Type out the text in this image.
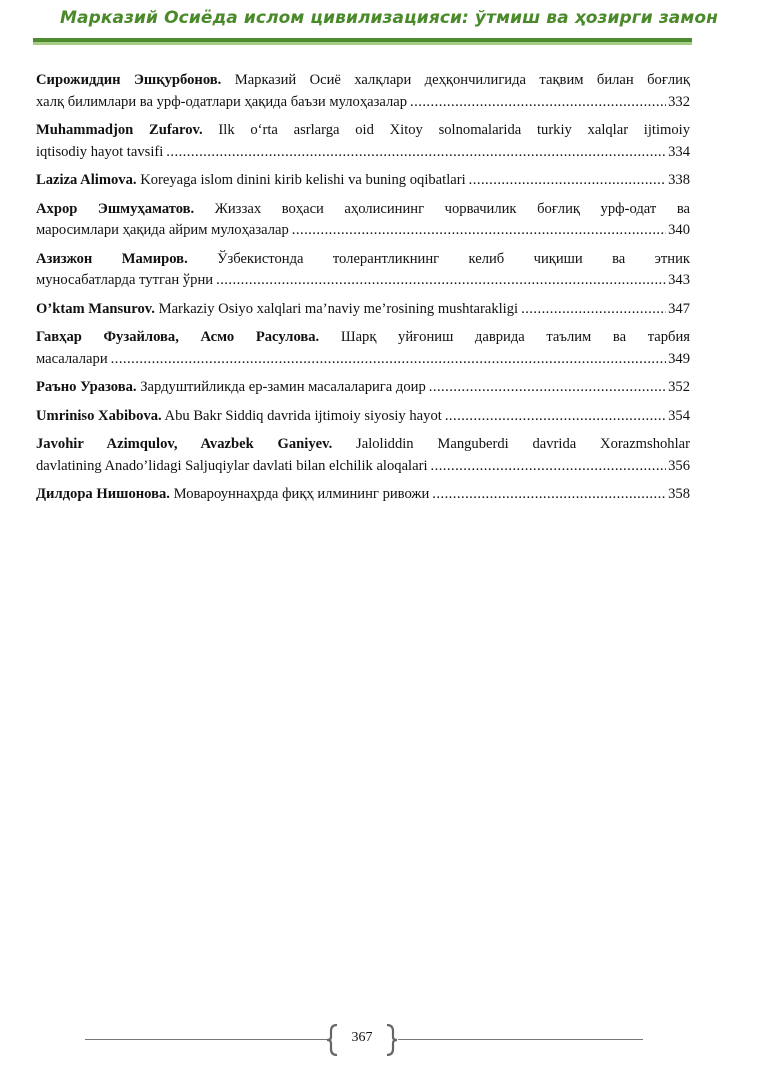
Марказий Осиёда ислом цивилизацияси: ўтмиш ва ҳозирги замон
Сирожиддин Эшқурбонов. Марказий Осиё халқлари деҳқончилигида тақвим билан боғлиқ
халқ билимлари ва урф-одатлари ҳақида баъзи мулоҳазалар . . .	332
Muhammadjon Zufarov. Ilk o‘rta asrlarga oid Xitoy solnomalarida turkiy xalqlar ijtimoiy
iqtisodiy hayot tavsifi . . .	334
Laziza Alimova. Koreyaga islom dinini kirib kelishi va buning oqibatlari . . .	338
Ахрор Эшмуҳаматов. Жиззах воҳаси аҳолисининг чорвачилик боғлиқ урф-одат ва
маросимлари ҳақида айрим мулоҳазалар . . .	340
Азизжон Мамиров. Ўзбекистонда толерантликнинг келиб чиқиши ва этник
муносабатларда тутган ўрни . . .	343
O’ktam Mansurov. Markaziy Osiyo xalqlari ma’naviy me’rosining mushtarakligi . . .	347
Гавҳар Фузайлова, Асмо Расулова. Шарқ уйғониш даврида таълим ва тарбия
масалалари . . .	349
Раъно Уразова. Зардуштийликда ер-замин масалаларига доир . . .	352
Umriniso Xabibova. Abu Bakr Siddiq davrida ijtimoiy siyosiy hayot . . .	354
Javohir Azimqulov, Avazbek Ganiyev. Jaloliddin Manguberdi davrida Xorazmshohlar
davlatining Anado’lidagi Saljuqiylar davlati bilan elchilik aloqalari . . .	356
Дилдора Нишонова. Мовароуннаҳрда фиқҳ илмининг ривожи . . .	358
367
